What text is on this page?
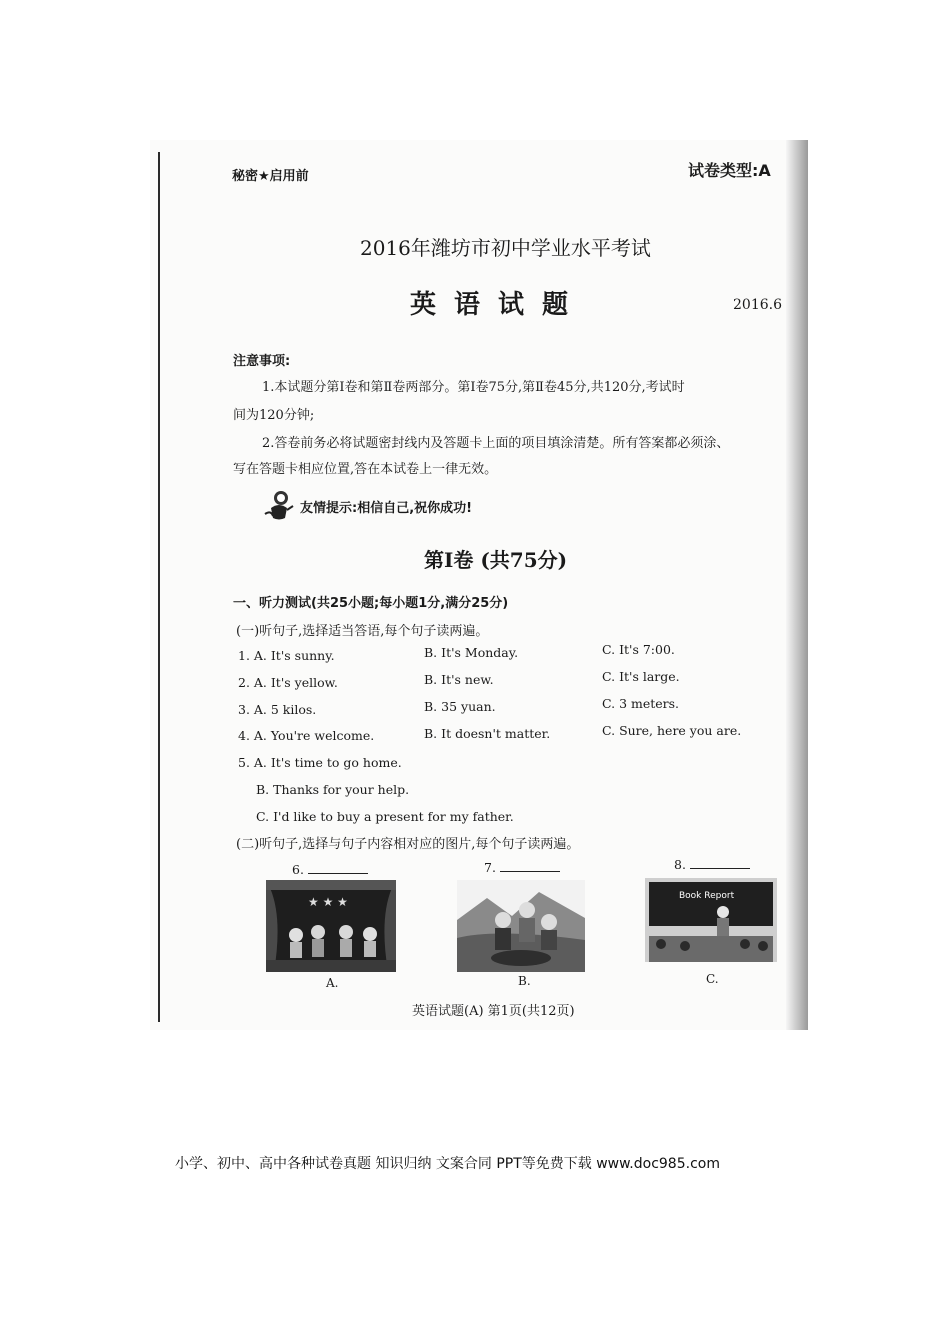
秘密★启用前	试卷类型:A
2016年潍坊市初中学业水平考试
英语试题	2016.6
注意事项:
1.本试题分第Ⅰ卷和第Ⅱ卷两部分。第Ⅰ卷75分,第Ⅱ卷45分,共120分,考试时
间为120分钟;
2.答卷前务必将试题密封线内及答题卡上面的项目填涂清楚。所有答案都必须涂、
写在答题卡相应位置,答在本试卷上一律无效。
友情提示:相信自己,祝你成功!
第Ⅰ卷 (共75分)
一、听力测试(共25小题;每小题1分,满分25分)
(一)听句子,选择适当答语,每个句子读两遍。
1. A. It's sunny.	B. It's Monday.	C. It's 7:00.
2. A. It's yellow.	B. It's new.	C. It's large.
3. A. 5 kilos.	B. 35 yuan.	C. 3 meters.
4. A. You're welcome.	B. It doesn't matter.	C. Sure, here you are.
5. A. It's time to go home.
B. Thanks for your help.
C. I'd like to buy a present for my father.
(二)听句子,选择与句子内容相对应的图片,每个句子读两遍。
6.	7.	8.
★ ★ ★	Book Report
A.	B.	C.
英语试题(A) 第1页(共12页)
小学、初中、高中各种试卷真题 知识归纳 文案合同 PPT等免费下载 www.doc985.com
